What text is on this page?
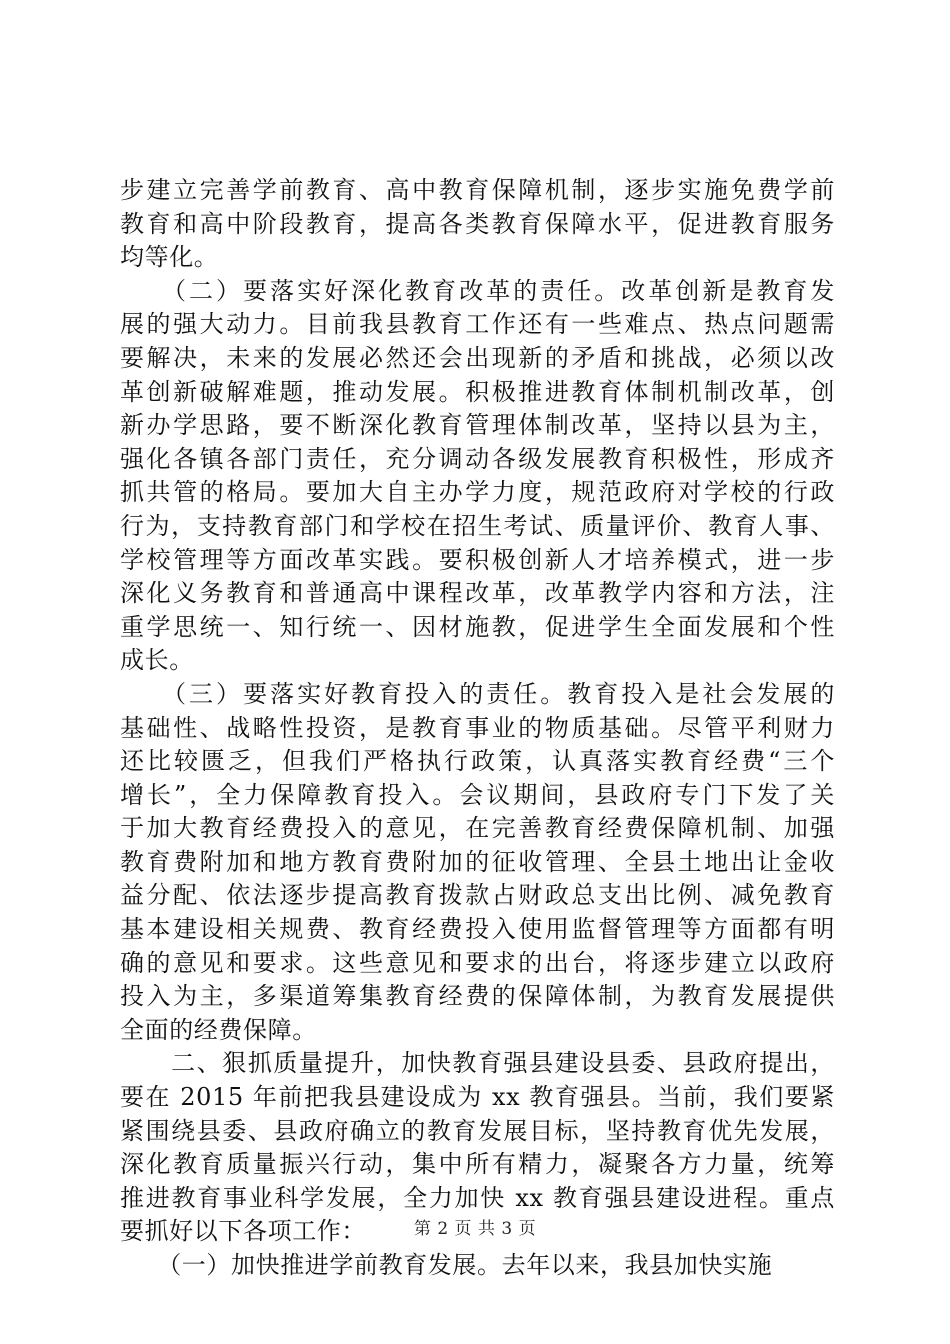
步建立完善学前教育、高中教育保障机制，逐步实施免费学前
教育和高中阶段教育，提高各类教育保障水平，促进教育服务
均等化。
　　（二）要落实好深化教育改革的责任。改革创新是教育发
展的强大动力。目前我县教育工作还有一些难点、热点问题需
要解决，未来的发展必然还会出现新的矛盾和挑战，必须以改
革创新破解难题，推动发展。积极推进教育体制机制改革，创
新办学思路，要不断深化教育管理体制改革，坚持以县为主，
强化各镇各部门责任，充分调动各级发展教育积极性，形成齐
抓共管的格局。要加大自主办学力度，规范政府对学校的行政
行为，支持教育部门和学校在招生考试、质量评价、教育人事、
学校管理等方面改革实践。要积极创新人才培养模式，进一步
深化义务教育和普通高中课程改革，改革教学内容和方法，注
重学思统一、知行统一、因材施教，促进学生全面发展和个性
成长。
　　（三）要落实好教育投入的责任。教育投入是社会发展的
基础性、战略性投资，是教育事业的物质基础。尽管平利财力
还比较匮乏，但我们严格执行政策，认真落实教育经费“三个
增长”，全力保障教育投入。会议期间，县政府专门下发了关
于加大教育经费投入的意见，在完善教育经费保障机制、加强
教育费附加和地方教育费附加的征收管理、全县土地出让金收
益分配、依法逐步提高教育拨款占财政总支出比例、减免教育
基本建设相关规费、教育经费投入使用监督管理等方面都有明
确的意见和要求。这些意见和要求的出台，将逐步建立以政府
投入为主，多渠道筹集教育经费的保障体制，为教育发展提供
全面的经费保障。
　　二、狠抓质量提升，加快教育强县建设县委、县政府提出，
要在 2015 年前把我县建设成为 xx 教育强县。当前，我们要紧
紧围绕县委、县政府确立的教育发展目标，坚持教育优先发展，
深化教育质量振兴行动，集中所有精力，凝聚各方力量，统筹
推进教育事业科学发展，全力加快 xx 教育强县建设进程。重点
要抓好以下各项工作：
　　（一）加快推进学前教育发展。去年以来，我县加快实施
第 2 页 共 3 页
